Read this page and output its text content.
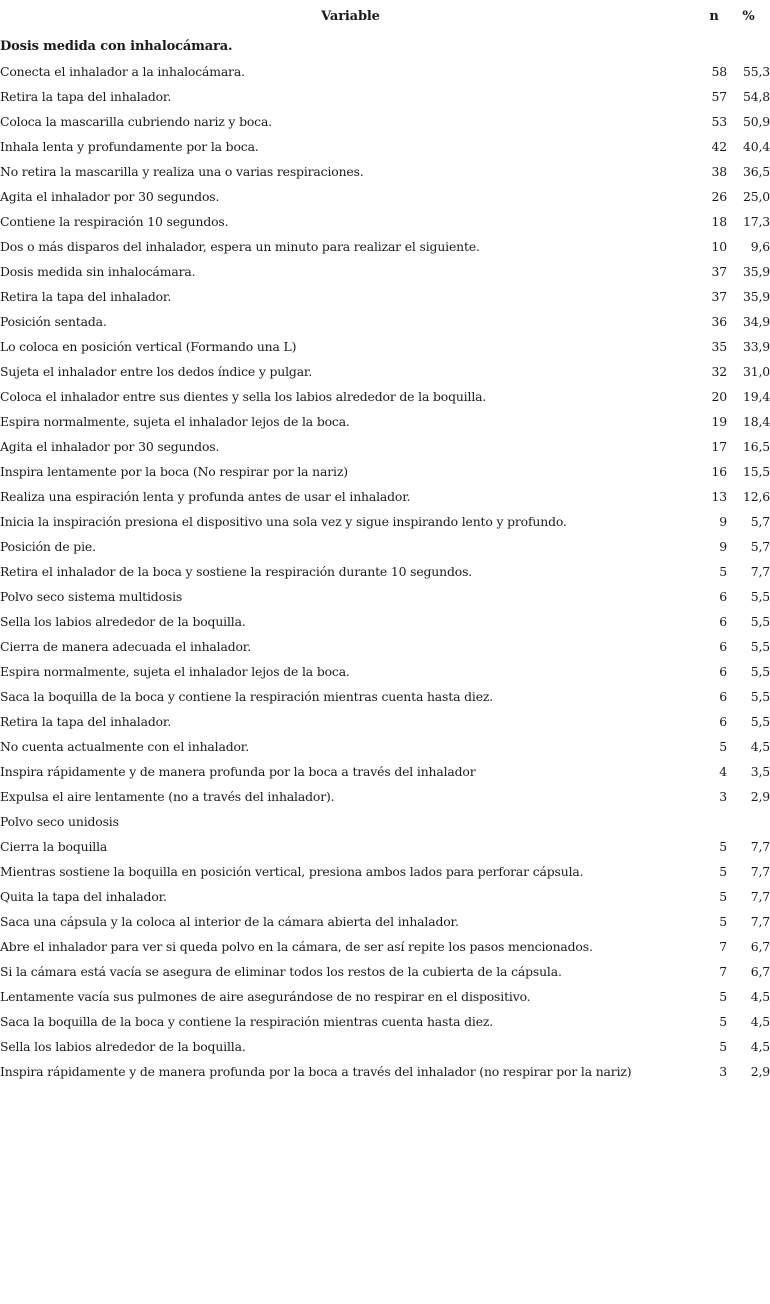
Variable	n	%
Dosis medida con inhalocámara.		
Conecta el inhalador a la inhalocámara.	58	55,3
Retira la tapa del inhalador.	57	54,8
Coloca la mascarilla cubriendo nariz y boca.	53	50,9
Inhala lenta y profundamente por la boca.	42	40,4
No retira la mascarilla y realiza una o varias respiraciones.	38	36,5
Agita el inhalador por 30 segundos.	26	25,0
Contiene la respiración 10 segundos.	18	17,3
Dos o más disparos del inhalador, espera un minuto para realizar el siguiente.	10	9,6
Dosis medida sin inhalocámara.	37	35,9
Retira la tapa del inhalador.	37	35,9
Posición sentada.	36	34,9
Lo coloca en posición vertical (Formando una L)	35	33,9
Sujeta el inhalador entre los dedos índice y pulgar.	32	31,0
Coloca el inhalador entre sus dientes y sella los labios alrededor de la boquilla.	20	19,4
Espira normalmente, sujeta el inhalador lejos de la boca.	19	18,4
Agita el inhalador por 30 segundos.	17	16,5
Inspira lentamente por la boca (No respirar por la nariz)	16	15,5
Realiza una espiración lenta y profunda antes de usar el inhalador.	13	12,6
Inicia la inspiración presiona el dispositivo una sola vez y sigue inspirando lento y profundo.	9	5,7
Posición de pie.	9	5,7
Retira el inhalador de la boca y sostiene la respiración durante 10 segundos.	5	7,7
Polvo seco sistema multidosis	6	5,5
Sella los labios alrededor de la boquilla.	6	5,5
Cierra de manera adecuada el inhalador.	6	5,5
Espira normalmente, sujeta el inhalador lejos de la boca.	6	5,5
Saca la boquilla de la boca y contiene la respiración mientras cuenta hasta diez.	6	5,5
Retira la tapa del inhalador.	6	5,5
No cuenta actualmente con el inhalador.	5	4,5
Inspira rápidamente y de manera profunda por la boca a través del inhalador	4	3,5
Expulsa el aire lentamente (no a través del inhalador).	3	2,9
Polvo seco unidosis		
Cierra la boquilla	5	7,7
Mientras sostiene la boquilla en posición vertical, presiona ambos lados para perforar cápsula.	5	7,7
Quita la tapa del inhalador.	5	7,7
Saca una cápsula y la coloca al interior de la cámara abierta del inhalador.	5	7,7
Abre el inhalador para ver si queda polvo en la cámara, de ser así repite los pasos mencionados.	7	6,7
Si la cámara está vacía se asegura de eliminar todos los restos de la cubierta de la cápsula.	7	6,7
Lentamente vacía sus pulmones de aire asegurándose de no respirar en el dispositivo.	5	4,5
Saca la boquilla de la boca y contiene la respiración mientras cuenta hasta diez.	5	4,5
Sella los labios alrededor de la boquilla.	5	4,5
Inspira rápidamente y de manera profunda por la boca a través del inhalador (no respirar por la nariz)	3	2,9
